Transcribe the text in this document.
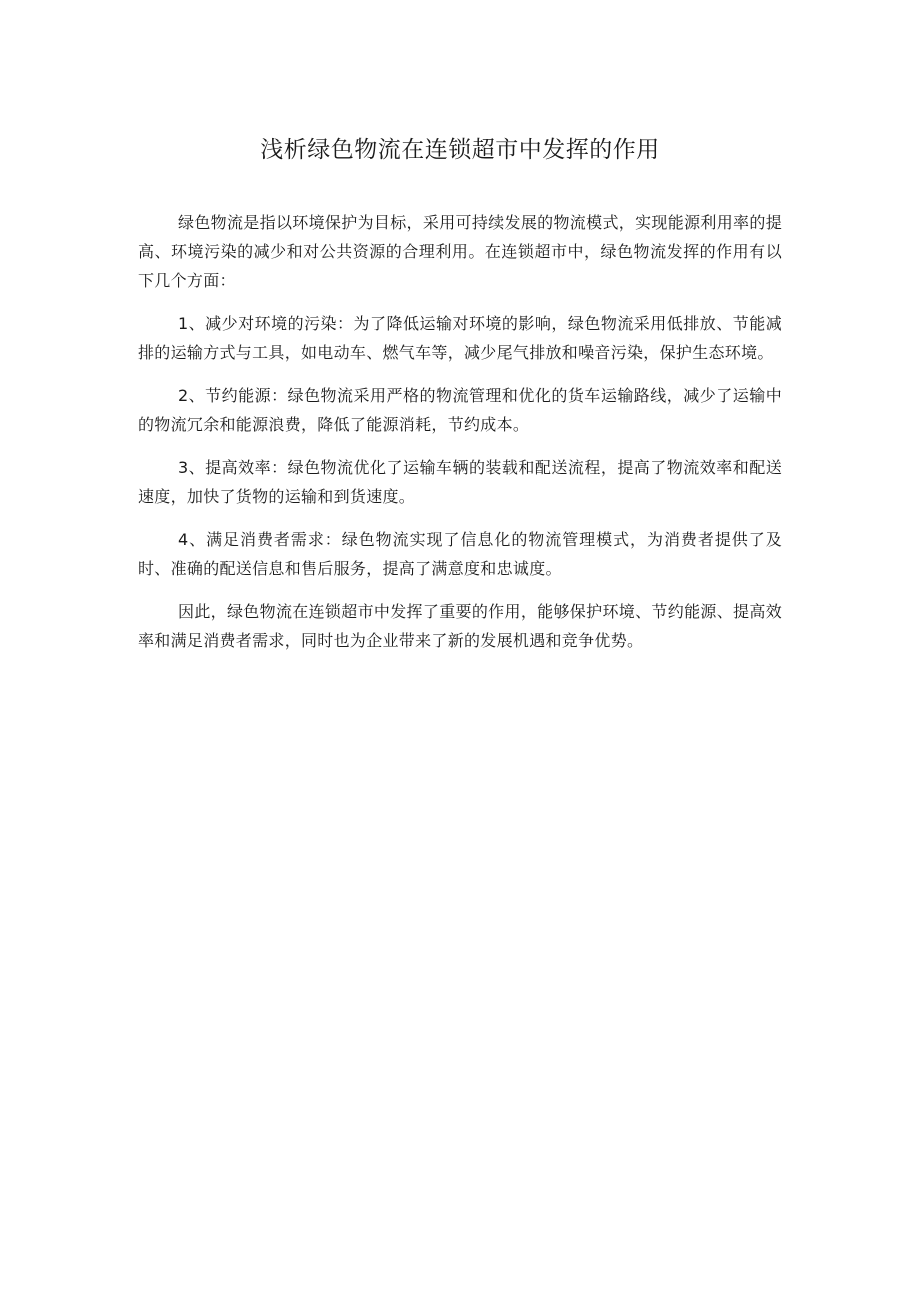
浅析绿色物流在连锁超市中发挥的作用

绿色物流是指以环境保护为目标，采用可持续发展的物流模式，实现能源利用率的提高、环境污染的减少和对公共资源的合理利用。在连锁超市中，绿色物流发挥的作用有以下几个方面：

1、减少对环境的污染：为了降低运输对环境的影响，绿色物流采用低排放、节能减排的运输方式与工具，如电动车、燃气车等，减少尾气排放和噪音污染，保护生态环境。

2、节约能源：绿色物流采用严格的物流管理和优化的货车运输路线，减少了运输中的物流冗余和能源浪费，降低了能源消耗，节约成本。

3、提高效率：绿色物流优化了运输车辆的装载和配送流程，提高了物流效率和配送速度，加快了货物的运输和到货速度。

4、满足消费者需求：绿色物流实现了信息化的物流管理模式，为消费者提供了及时、准确的配送信息和售后服务，提高了满意度和忠诚度。

因此，绿色物流在连锁超市中发挥了重要的作用，能够保护环境、节约能源、提高效率和满足消费者需求，同时也为企业带来了新的发展机遇和竞争优势。
